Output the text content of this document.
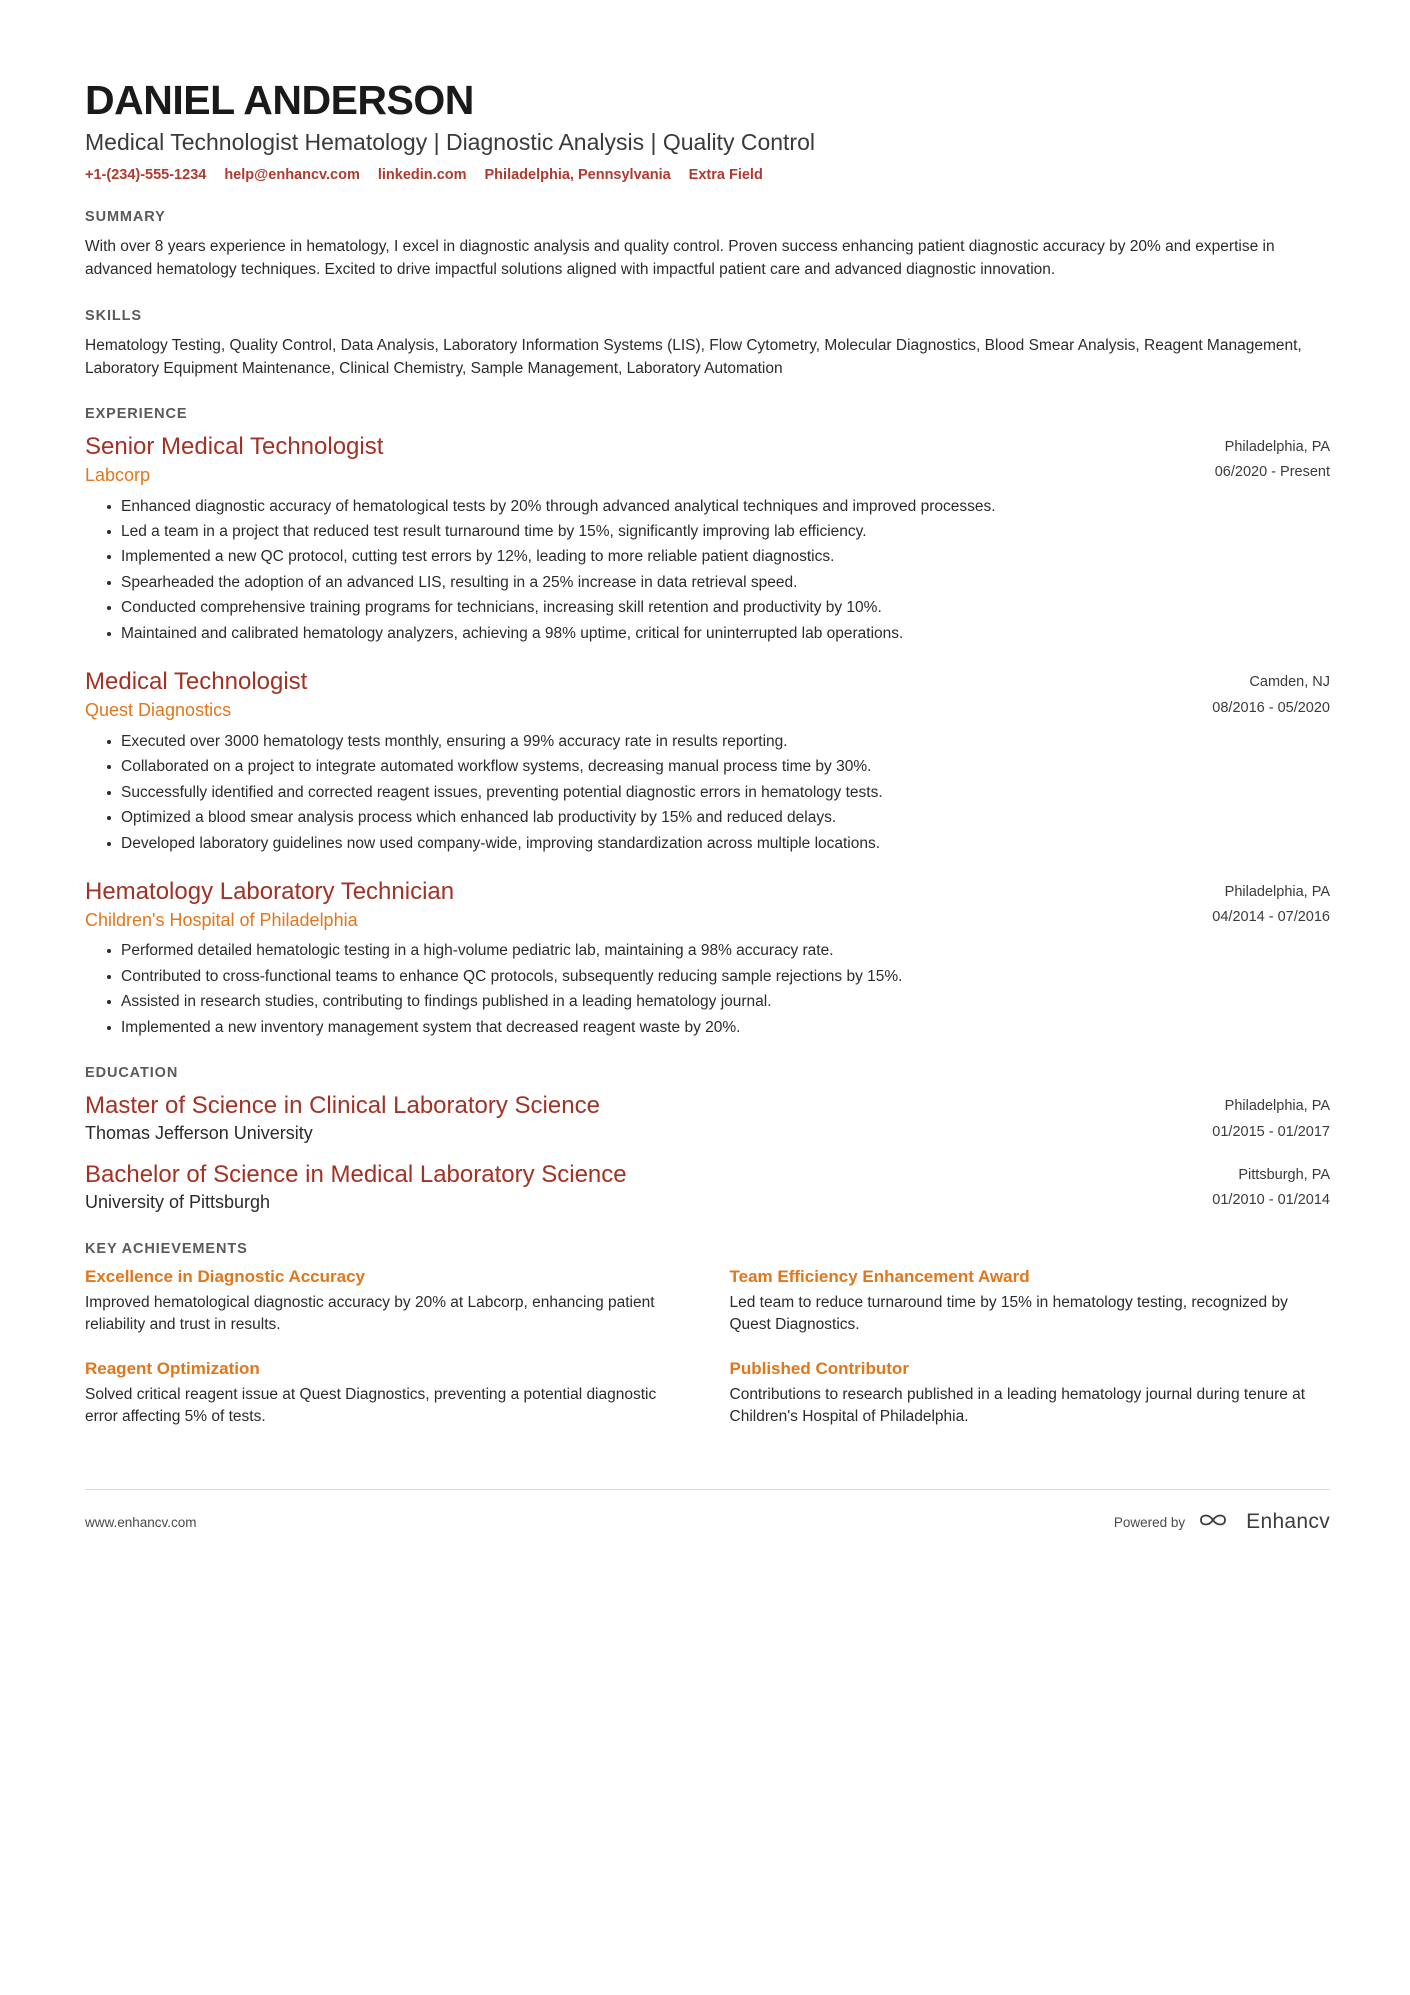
DANIEL ANDERSON
Medical Technologist Hematology | Diagnostic Analysis | Quality Control
+1-(234)-555-1234 help@enhancv.com linkedin.com Philadelphia, Pennsylvania Extra Field
SUMMARY
With over 8 years experience in hematology, I excel in diagnostic analysis and quality control. Proven success enhancing patient diagnostic accuracy by 20% and expertise in advanced hematology techniques. Excited to drive impactful solutions aligned with impactful patient care and advanced diagnostic innovation.
SKILLS
Hematology Testing, Quality Control, Data Analysis, Laboratory Information Systems (LIS), Flow Cytometry, Molecular Diagnostics, Blood Smear Analysis, Reagent Management, Laboratory Equipment Maintenance, Clinical Chemistry, Sample Management, Laboratory Automation
EXPERIENCE
Senior Medical Technologist
Labcorp
Philadelphia, PA
06/2020 - Present
Enhanced diagnostic accuracy of hematological tests by 20% through advanced analytical techniques and improved processes.
Led a team in a project that reduced test result turnaround time by 15%, significantly improving lab efficiency.
Implemented a new QC protocol, cutting test errors by 12%, leading to more reliable patient diagnostics.
Spearheaded the adoption of an advanced LIS, resulting in a 25% increase in data retrieval speed.
Conducted comprehensive training programs for technicians, increasing skill retention and productivity by 10%.
Maintained and calibrated hematology analyzers, achieving a 98% uptime, critical for uninterrupted lab operations.
Medical Technologist
Quest Diagnostics
Camden, NJ
08/2016 - 05/2020
Executed over 3000 hematology tests monthly, ensuring a 99% accuracy rate in results reporting.
Collaborated on a project to integrate automated workflow systems, decreasing manual process time by 30%.
Successfully identified and corrected reagent issues, preventing potential diagnostic errors in hematology tests.
Optimized a blood smear analysis process which enhanced lab productivity by 15% and reduced delays.
Developed laboratory guidelines now used company-wide, improving standardization across multiple locations.
Hematology Laboratory Technician
Children's Hospital of Philadelphia
Philadelphia, PA
04/2014 - 07/2016
Performed detailed hematologic testing in a high-volume pediatric lab, maintaining a 98% accuracy rate.
Contributed to cross-functional teams to enhance QC protocols, subsequently reducing sample rejections by 15%.
Assisted in research studies, contributing to findings published in a leading hematology journal.
Implemented a new inventory management system that decreased reagent waste by 20%.
EDUCATION
Master of Science in Clinical Laboratory Science
Thomas Jefferson University
Philadelphia, PA
01/2015 - 01/2017
Bachelor of Science in Medical Laboratory Science
University of Pittsburgh
Pittsburgh, PA
01/2010 - 01/2014
KEY ACHIEVEMENTS
Excellence in Diagnostic Accuracy
Improved hematological diagnostic accuracy by 20% at Labcorp, enhancing patient reliability and trust in results.
Team Efficiency Enhancement Award
Led team to reduce turnaround time by 15% in hematology testing, recognized by Quest Diagnostics.
Reagent Optimization
Solved critical reagent issue at Quest Diagnostics, preventing a potential diagnostic error affecting 5% of tests.
Published Contributor
Contributions to research published in a leading hematology journal during tenure at Children's Hospital of Philadelphia.
www.enhancv.com	Powered by	Enhancv
